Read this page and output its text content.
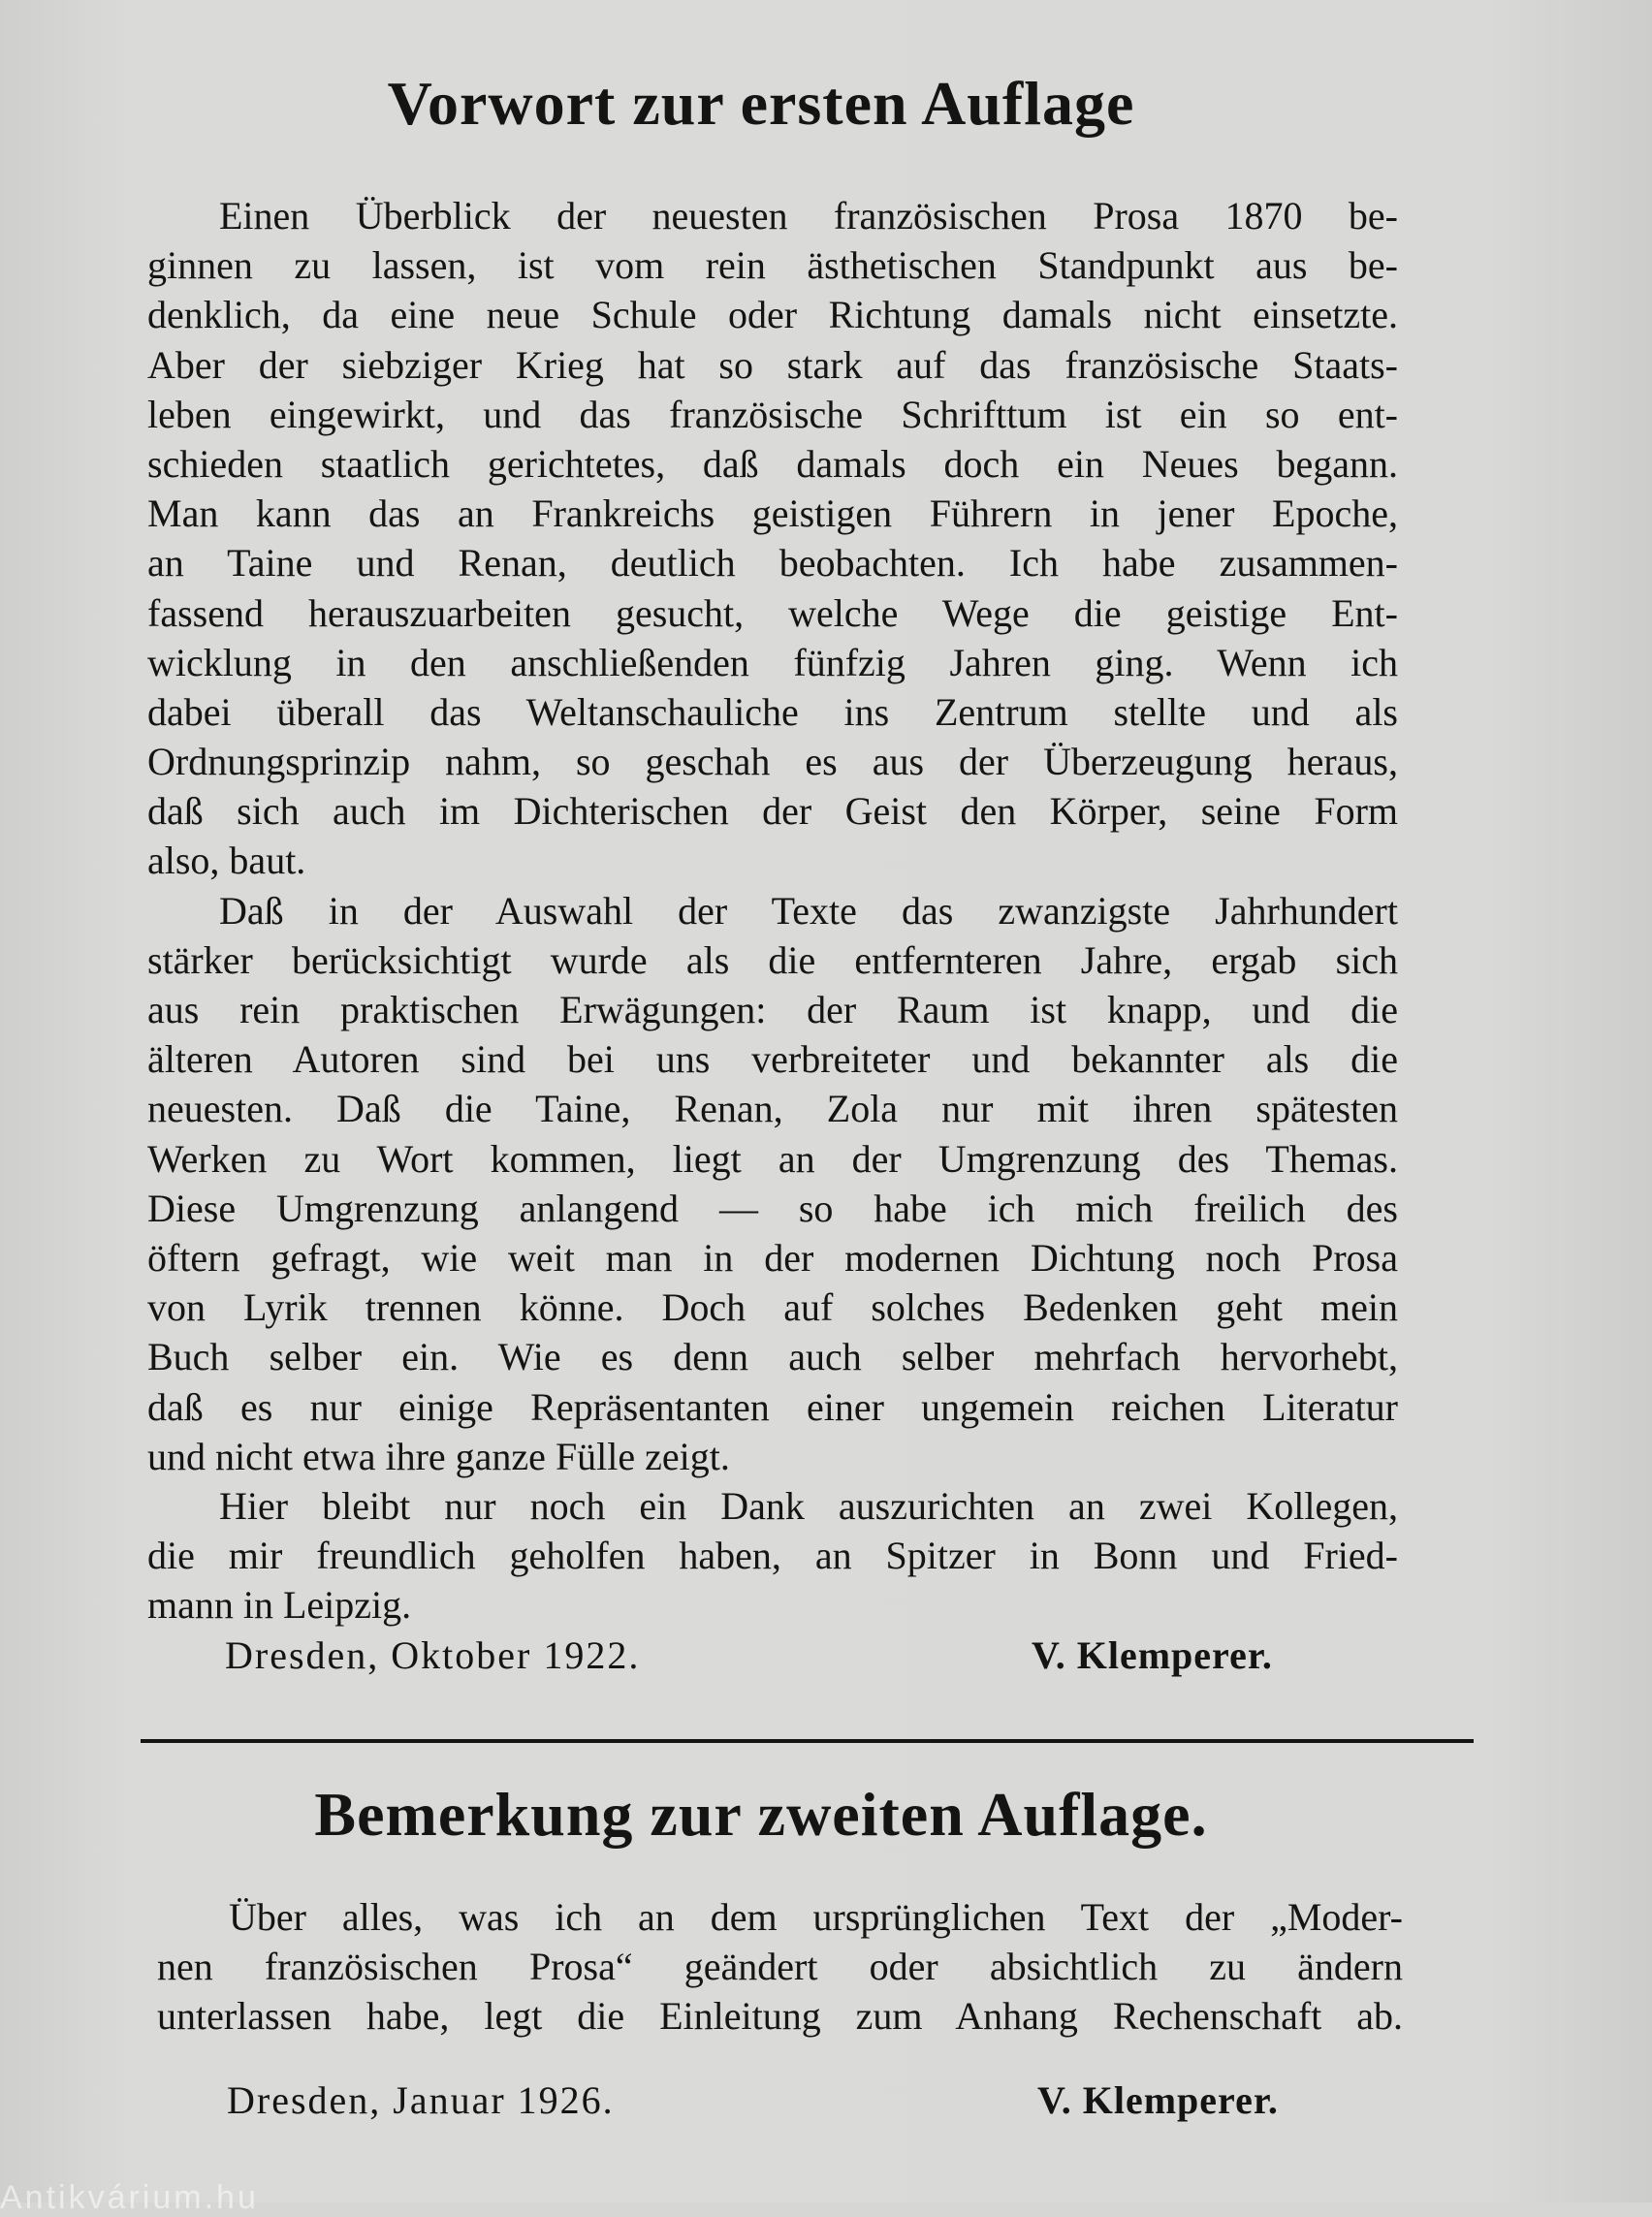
Vorwort zur ersten Auflage
Einen Überblick der neuesten französischen Prosa 1870 be-
ginnen zu lassen, ist vom rein ästhetischen Standpunkt aus be-
denklich, da eine neue Schule oder Richtung damals nicht einsetzte.
Aber der siebziger Krieg hat so stark auf das französische Staats-
leben eingewirkt, und das französische Schrifttum ist ein so ent-
schieden staatlich gerichtetes, daß damals doch ein Neues begann.
Man kann das an Frankreichs geistigen Führern in jener Epoche,
an Taine und Renan, deutlich beobachten. Ich habe zusammen-
fassend herauszuarbeiten gesucht, welche Wege die geistige Ent-
wicklung in den anschließenden fünfzig Jahren ging. Wenn ich
dabei überall das Weltanschauliche ins Zentrum stellte und als
Ordnungsprinzip nahm, so geschah es aus der Überzeugung heraus,
daß sich auch im Dichterischen der Geist den Körper, seine Form
also, baut.
Daß in der Auswahl der Texte das zwanzigste Jahrhundert
stärker berücksichtigt wurde als die entfernteren Jahre, ergab sich
aus rein praktischen Erwägungen: der Raum ist knapp, und die
älteren Autoren sind bei uns verbreiteter und bekannter als die
neuesten. Daß die Taine, Renan, Zola nur mit ihren spätesten
Werken zu Wort kommen, liegt an der Umgrenzung des Themas.
Diese Umgrenzung anlangend — so habe ich mich freilich des
öftern gefragt, wie weit man in der modernen Dichtung noch Prosa
von Lyrik trennen könne. Doch auf solches Bedenken geht mein
Buch selber ein. Wie es denn auch selber mehrfach hervorhebt,
daß es nur einige Repräsentanten einer ungemein reichen Literatur
und nicht etwa ihre ganze Fülle zeigt.
Hier bleibt nur noch ein Dank auszurichten an zwei Kollegen,
die mir freundlich geholfen haben, an Spitzer in Bonn und Fried-
mann in Leipzig.
Dresden, Oktober 1922.	V. Klemperer.
Bemerkung zur zweiten Auflage.
Über alles, was ich an dem ursprünglichen Text der „Moder-
nen französischen Prosa“ geändert oder absichtlich zu ändern
unterlassen habe, legt die Einleitung zum Anhang Rechenschaft ab.
Dresden, Januar 1926.	V. Klemperer.
Antikvárium.hu
